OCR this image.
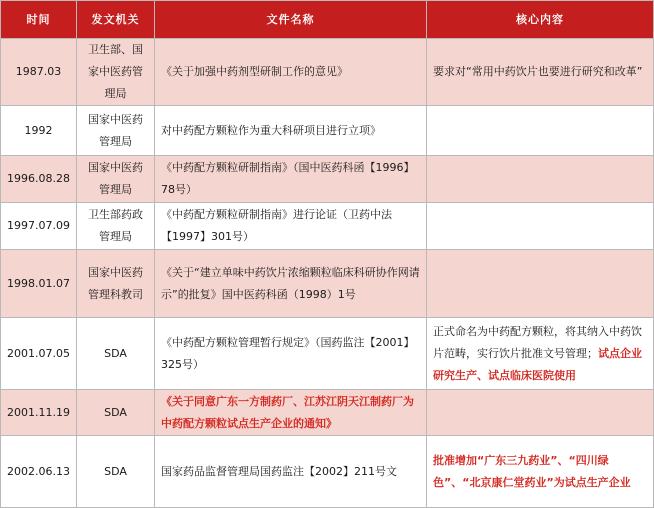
时间	发文机关	文件名称	核心内容
1987.03	卫生部、国家中医药管理局	《关于加强中药剂型研制工作的意见》	要求对“常用中药饮片也要进行研究和改革”
1992	国家中医药管理局	对中药配方颗粒作为重大科研项目进行立项》	
1996.08.28	国家中医药管理局	《中药配方颗粒研制指南》（国中医药科函【1996】78号）	
1997.07.09	卫生部药政管理局	《中药配方颗粒研制指南》进行论证（卫药中法【1997】301号）	
1998.01.07	国家中医药管理科教司	《关于“建立单味中药饮片浓缩颗粒临床科研协作网请示”的批复》国中医药科函（1998）1号	
2001.07.05	SDA	《中药配方颗粒管理暂行规定》（国药监注【2001】325号）	正式命名为中药配方颗粒，将其纳入中药饮片范畴，实行饮片批准文号管理；试点企业研究生产、试点临床医院使用
2001.11.19	SDA	《关于同意广东一方制药厂、江苏江阴天江制药厂为中药配方颗粒试点生产企业的通知》	
2002.06.13	SDA	国家药品监督管理局国药监注【2002】211号文	批准增加“广东三九药业”、“四川绿色”、“北京康仁堂药业”为试点生产企业
